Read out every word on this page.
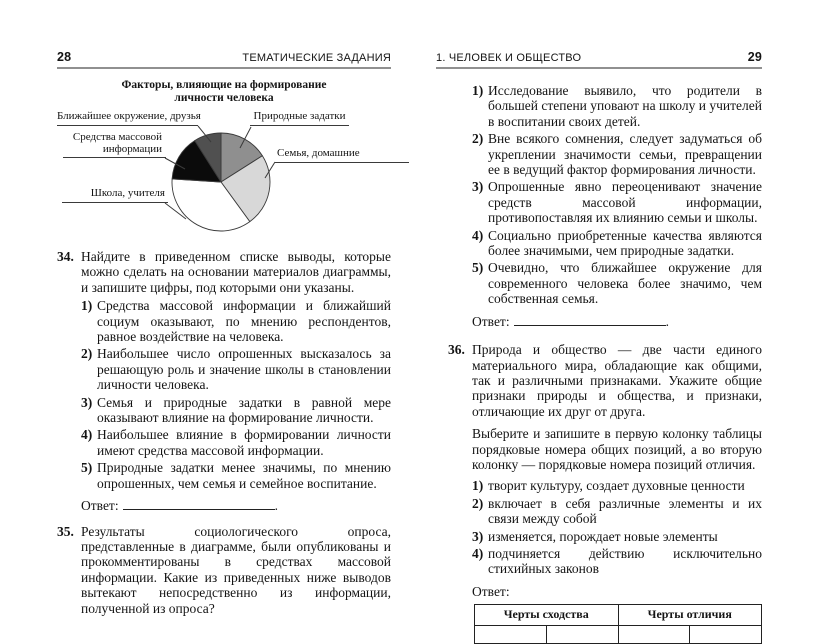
28	ТЕМАТИЧЕСКИЕ ЗАДАНИЯ
Факторы, влияющие на формирование
личности человека
Ближайшее окружение, друзья	Природные задатки
Средства массовой информации	Семья, домашние
Школа, учителя
34. Найдите в приведенном списке выводы, которые можно сделать на основании материалов диаграммы, и запишите цифры, под которыми они указаны.
1) Средства массовой информации и ближайший социум оказывают, по мнению респондентов, равное воздействие на человека.
2) Наибольшее число опрошенных высказалось за решающую роль и значение школы в становлении личности человека.
3) Семья и природные задатки в равной мере оказывают влияние на формирование личности.
4) Наибольшее влияние в формировании личности имеют средства массовой информации.
5) Природные задатки менее значимы, по мнению опрошенных, чем семья и семейное воспитание.
Ответ:	.
35. Результаты социологического опроса, представленные в диаграмме, были опубликованы и прокомментированы в средствах массовой информации. Какие из приведенных ниже выводов вытекают непосредственно из информации, полученной из опроса?
1. ЧЕЛОВЕК И ОБЩЕСТВО	29
1) Исследование выявило, что родители в большей степени уповают на школу и учителей в воспитании своих детей.
2) Вне всякого сомнения, следует задуматься об укреплении значимости семьи, превращении ее в ведущий фактор формирования личности.
3) Опрошенные явно переоценивают значение средств массовой информации, противопоставляя их влиянию семьи и школы.
4) Социально приобретенные качества являются более значимыми, чем природные задатки.
5) Очевидно, что ближайшее окружение для современного человека более значимо, чем собственная семья.
Ответ:	.
36. Природа и общество — две части единого материального мира, обладающие как общими, так и различными признаками. Укажите общие признаки природы и общества, и признаки, отличающие их друг от друга.
Выберите и запишите в первую колонку таблицы порядковые номера общих позиций, а во вторую колонку — порядковые номера позиций отличия.
1) творит культуру, создает духовные ценности
2) включает в себя различные элементы и их связи между собой
3) изменяется, порождает новые элементы
4) подчиняется действию исключительно стихийных законов
Ответ:
Черты сходства		Черты отличия	
